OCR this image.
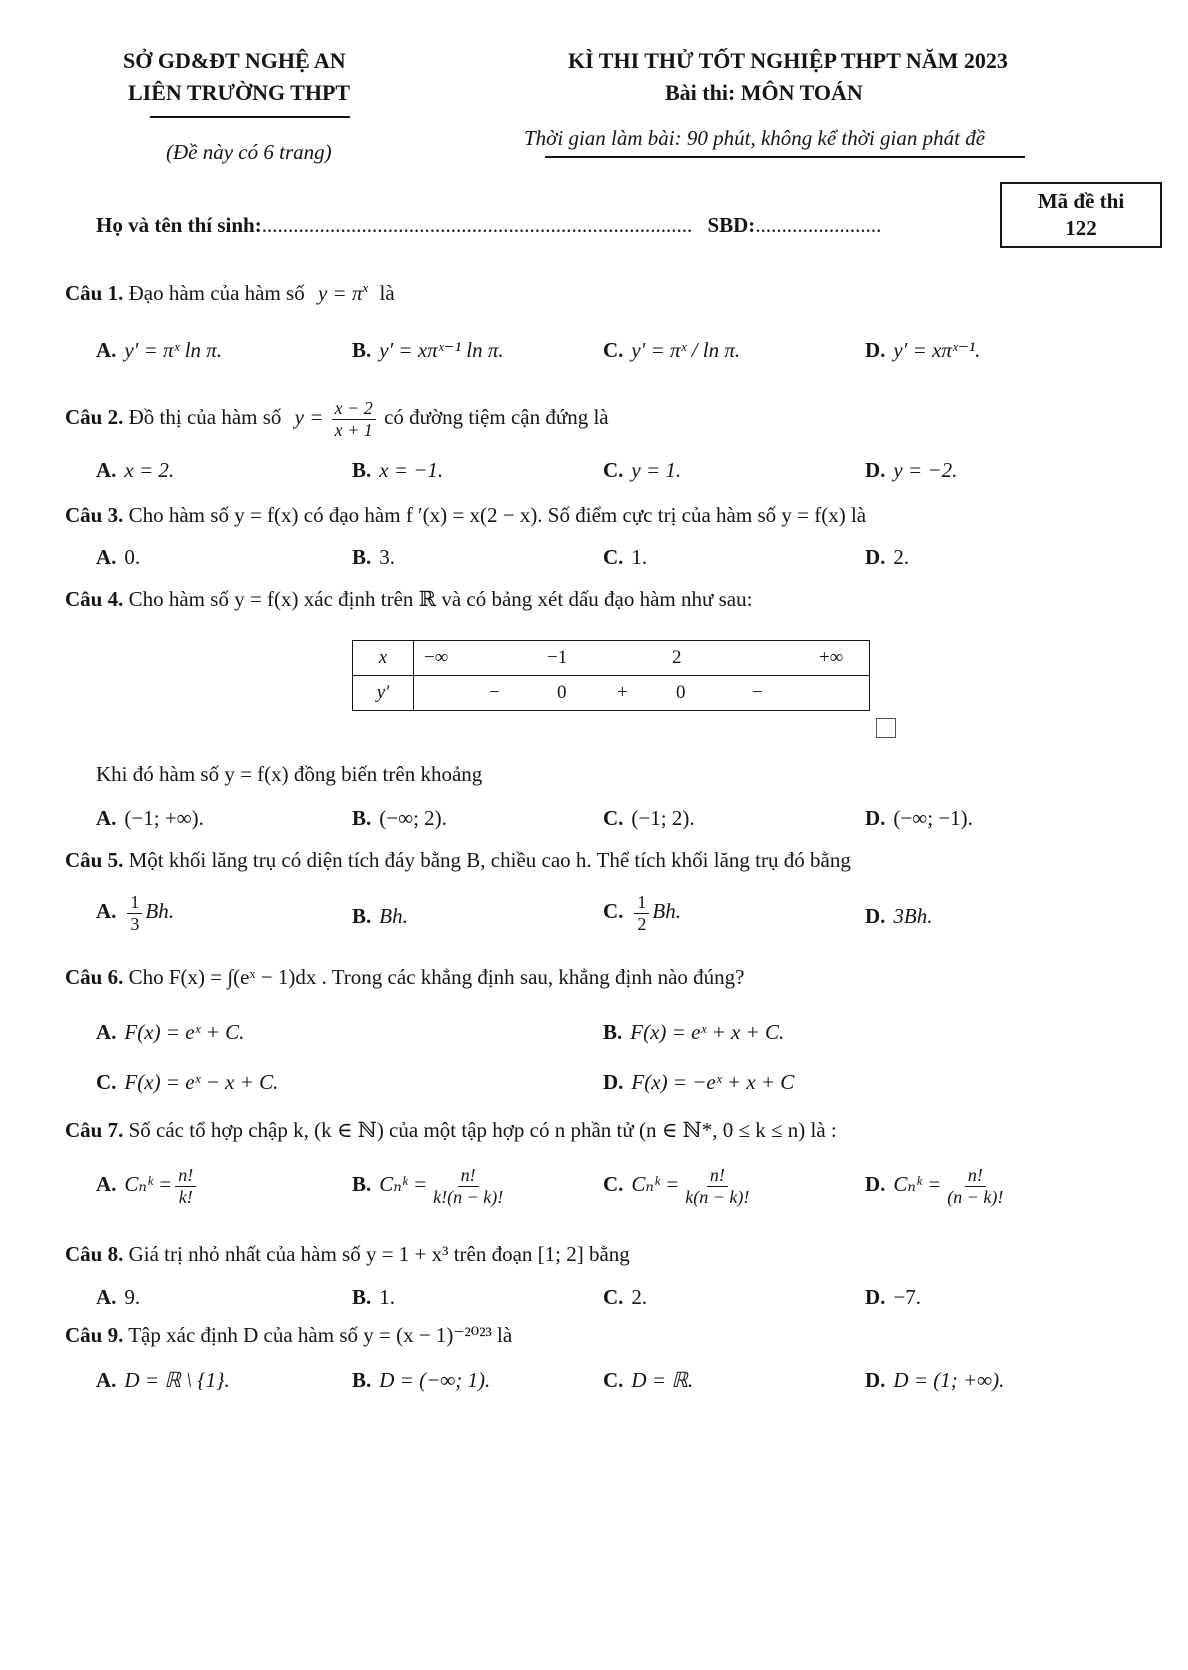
SỞ GD&ĐT NGHỆ AN
LIÊN TRƯỜNG THPT
(Đề này có 6 trang)
KÌ THI THỬ TỐT NGHIỆP THPT NĂM 2023
Bài thi: MÔN TOÁN
Thời gian làm bài: 90 phút, không kể thời gian phát đề
Họ và tên thí sinh:.................................................................................. SBD:........................
Mã đề thi
122
Câu 1. Đạo hàm của hàm số $y = \pi^x$ là
A. y′ = πˣ ln π.	B. y′ = xπˣ⁻¹ ln π.	C. y′ = πˣ / ln π.	D. y′ = xπˣ⁻¹.
Câu 2. Đồ thị của hàm số $y = \frac{x - 2}{x + 1}$ có đường tiệm cận đứng là
A. x = 2.	B. x = −1.	C. y = 1.	D. y = −2.
Câu 3. Cho hàm số y = f(x) có đạo hàm f ′(x) = x(2 − x). Số điểm cực trị của hàm số y = f(x) là
A. 0.	B. 3.	C. 1.	D. 2.
Câu 4. Cho hàm số y = f(x) xác định trên ℝ và có bảng xét dấu đạo hàm như sau:
x	−∞ −1 2 +∞

y′	− 0 + 0 −
Khi đó hàm số y = f(x) đồng biến trên khoảng
A. (−1; +∞).	B. (−∞; 2).	C. (−1; 2).	D. (−∞; −1).
Câu 5. Một khối lăng trụ có diện tích đáy bằng B, chiều cao h. Thể tích khối lăng trụ đó bằng
A. $\frac{1}{3} Bh$.	B. Bh.	C. $\frac{1}{2} Bh$.	D. 3Bh.
Câu 6. Cho F(x) = ∫(eˣ − 1)dx . Trong các khẳng định sau, khẳng định nào đúng?
A. F(x) = eˣ + C.	B. F(x) = eˣ + x + C.
C. F(x) = eˣ − x + C.	D. F(x) = −eˣ + x + C
Câu 7. Số các tổ hợp chập k, (k ∈ ℕ) của một tập hợp có n phần tử (n ∈ ℕ*, 0 ≤ k ≤ n) là :
A. Cₙᵏ = $\frac{n!}{k!}$	B. Cₙᵏ = $\frac{n!}{k!(n - k)!}$	C. Cₙᵏ = $\frac{n!}{k(n - k)!}$	D. Cₙᵏ = $\frac{n!}{(n - k)!}$
Câu 8. Giá trị nhỏ nhất của hàm số y = 1 + x³ trên đoạn [1; 2] bằng
A. 9.	B. 1.	C. 2.	D. −7.
Câu 9. Tập xác định D của hàm số y = (x − 1)⁻²⁰²³ là
A. D = ℝ \ {1}.	B. D = (−∞; 1).	C. D = ℝ.	D. D = (1; +∞).
